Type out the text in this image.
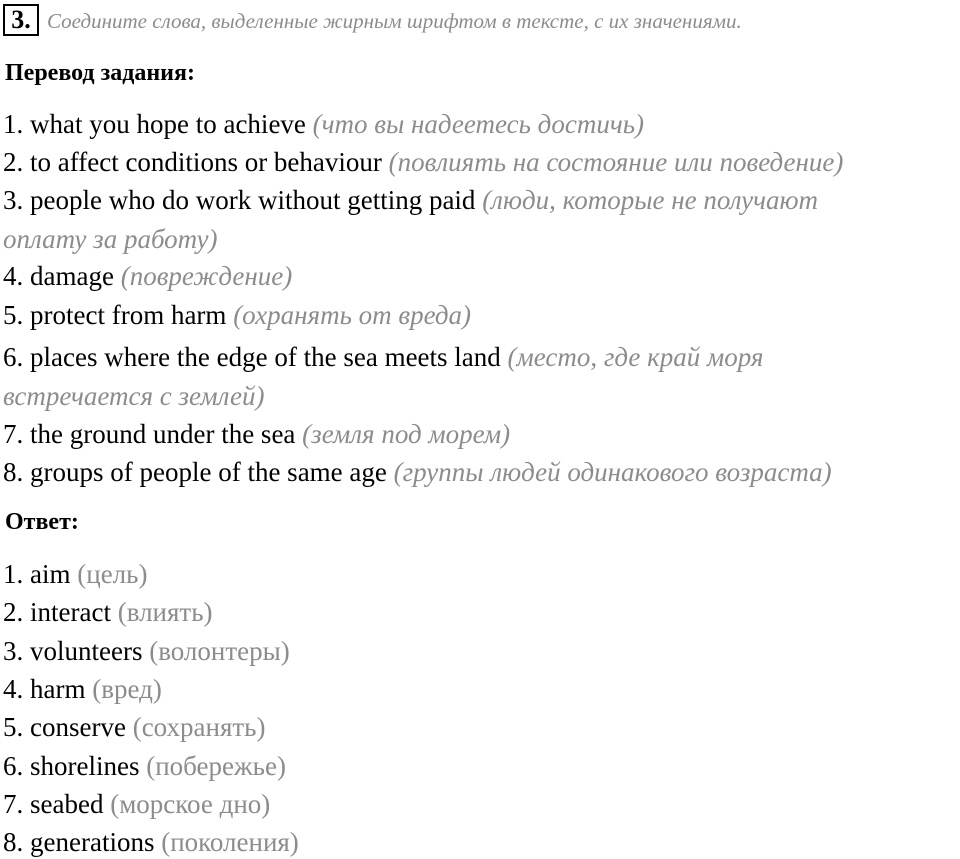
3. Соедините слова, выделенные жирным шрифтом в тексте, с их значениями.
Перевод задания:
1. what you hope to achieve (что вы надеетесь достичь)
2. to affect conditions or behaviour (повлиять на состояние или поведение)
3. people who do work without getting paid (люди, которые не получают
оплату за работу)
4. damage (повреждение)
5. protect from harm (охранять от вреда)
6. places where the edge of the sea meets land (место, где край моря
встречается с землей)
7. the ground under the sea (земля под морем)
8. groups of people of the same age (группы людей одинакового возраста)
Ответ:
1. aim (цель)
2. interact (влиять)
3. volunteers (волонтеры)
4. harm (вред)
5. conserve (сохранять)
6. shorelines (побережье)
7. seabed (морское дно)
8. generations (поколения)
